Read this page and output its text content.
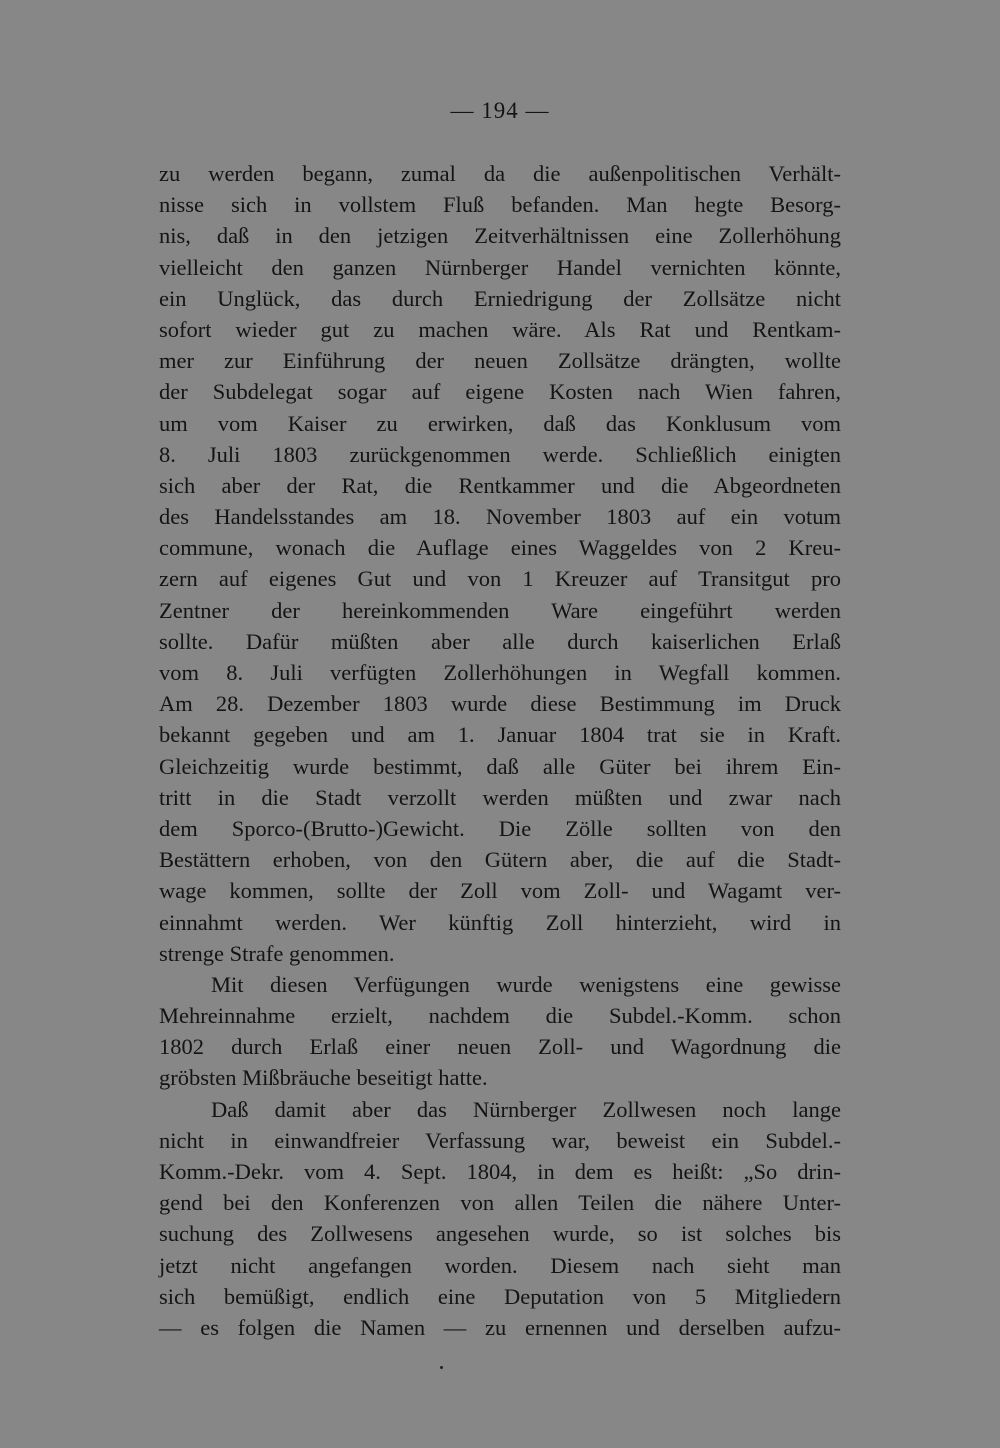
— 194 —
zu werden begann, zumal da die außenpolitischen Verhält-
nisse sich in vollstem Fluß befanden. Man hegte Besorg-
nis, daß in den jetzigen Zeitverhältnissen eine Zollerhöhung
vielleicht den ganzen Nürnberger Handel vernichten könnte,
ein Unglück, das durch Erniedrigung der Zollsätze nicht
sofort wieder gut zu machen wäre. Als Rat und Rentkam-
mer zur Einführung der neuen Zollsätze drängten, wollte
der Subdelegat sogar auf eigene Kosten nach Wien fahren,
um vom Kaiser zu erwirken, daß das Konklusum vom
8. Juli 1803 zurückgenommen werde. Schließlich einigten
sich aber der Rat, die Rentkammer und die Abgeordneten
des Handelsstandes am 18. November 1803 auf ein votum
commune, wonach die Auflage eines Waggeldes von 2 Kreu-
zern auf eigenes Gut und von 1 Kreuzer auf Transitgut pro
Zentner der hereinkommenden Ware eingeführt werden
sollte. Dafür müßten aber alle durch kaiserlichen Erlaß
vom 8. Juli verfügten Zollerhöhungen in Wegfall kommen.
Am 28. Dezember 1803 wurde diese Bestimmung im Druck
bekannt gegeben und am 1. Januar 1804 trat sie in Kraft.
Gleichzeitig wurde bestimmt, daß alle Güter bei ihrem Ein-
tritt in die Stadt verzollt werden müßten und zwar nach
dem Sporco-(Brutto-)Gewicht. Die Zölle sollten von den
Bestättern erhoben, von den Gütern aber, die auf die Stadt-
wage kommen, sollte der Zoll vom Zoll- und Wagamt ver-
einnahmt werden. Wer künftig Zoll hinterzieht, wird in
strenge Strafe genommen.
Mit diesen Verfügungen wurde wenigstens eine gewisse
Mehreinnahme erzielt, nachdem die Subdel.-Komm. schon
1802 durch Erlaß einer neuen Zoll- und Wagordnung die
gröbsten Mißbräuche beseitigt hatte.
Daß damit aber das Nürnberger Zollwesen noch lange
nicht in einwandfreier Verfassung war, beweist ein Subdel.-
Komm.-Dekr. vom 4. Sept. 1804, in dem es heißt: „So drin-
gend bei den Konferenzen von allen Teilen die nähere Unter-
suchung des Zollwesens angesehen wurde, so ist solches bis
jetzt nicht angefangen worden. Diesem nach sieht man
sich bemüßigt, endlich eine Deputation von 5 Mitgliedern
— es folgen die Namen — zu ernennen und derselben aufzu-
